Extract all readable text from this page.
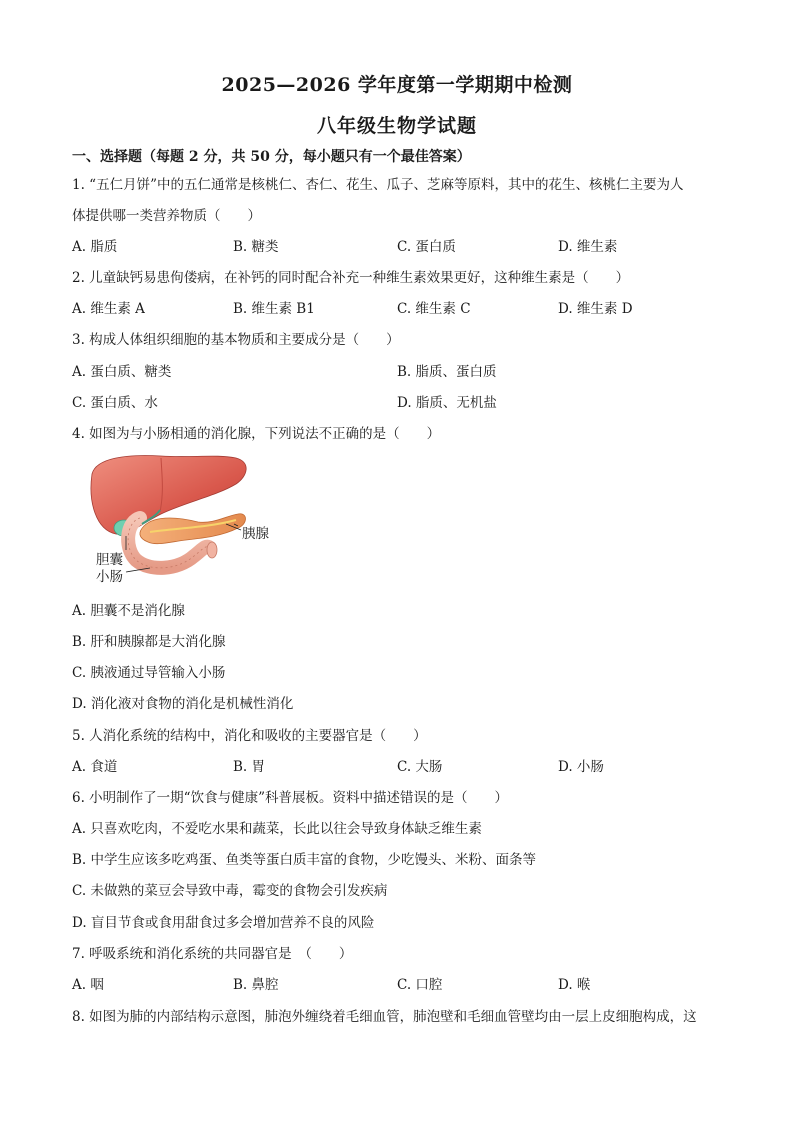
2025—2026 学年度第一学期期中检测
八年级生物学试题
一、选择题（每题 2 分，共 50 分，每小题只有一个最佳答案）
1. “五仁月饼”中的五仁通常是核桃仁、杏仁、花生、瓜子、芝麻等原料，其中的花生、核桃仁主要为人
体提供哪一类营养物质（　　）
A. 脂质	B. 糖类	C. 蛋白质	D. 维生素
2. 儿童缺钙易患佝偻病，在补钙的同时配合补充一种维生素效果更好，这种维生素是（　　）
A. 维生素 A	B. 维生素 B1	C. 维生素 C	D. 维生素 D
3. 构成人体组织细胞的基本物质和主要成分是（　　）
A. 蛋白质、糖类	B. 脂质、蛋白质
C. 蛋白质、水	D. 脂质、无机盐
4. 如图为与小肠相通的消化腺，下列说法不正确的是（　　）
胰腺
胆囊
小肠
A. 胆囊不是消化腺
B. 肝和胰腺都是大消化腺
C. 胰液通过导管输入小肠
D. 消化液对食物的消化是机械性消化
5. 人消化系统的结构中，消化和吸收的主要器官是（　　）
A. 食道	B. 胃	C. 大肠	D. 小肠
6. 小明制作了一期“饮食与健康”科普展板。资料中描述错误的是（　　）
A. 只喜欢吃肉，不爱吃水果和蔬菜，长此以往会导致身体缺乏维生素
B. 中学生应该多吃鸡蛋、鱼类等蛋白质丰富的食物，少吃馒头、米粉、面条等
C. 未做熟的菜豆会导致中毒，霉变的食物会引发疾病
D. 盲目节食或食用甜食过多会增加营养不良的风险
7. 呼吸系统和消化系统的共同器官是　（　　）
A. 咽	B. 鼻腔	C. 口腔	D. 喉
8. 如图为肺的内部结构示意图，肺泡外缠绕着毛细血管，肺泡壁和毛细血管壁均由一层上皮细胞构成，这
